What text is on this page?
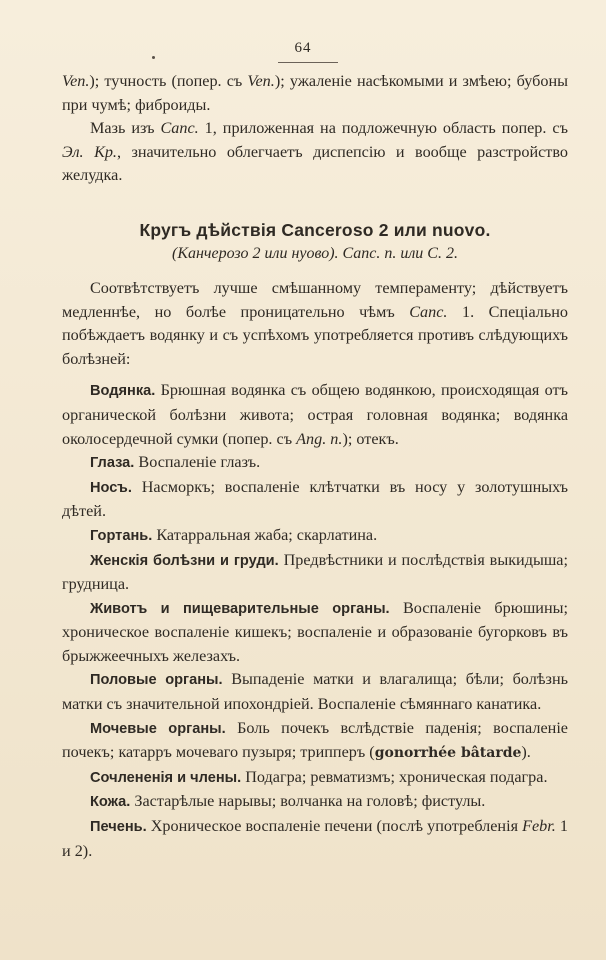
64

Ven.); тучность (попер. съ Ven.); ужаленіе насѣкомыми и змѣею; бубоны при чумѣ; фиброиды.

Мазь изъ Canc. 1, приложенная на подложечную область попер. съ Эл. Кр., значительно облегчаетъ диспепсію и вообще разстройство желудка.

Кругъ дѣйствія Canceroso 2 или nuovo.
(Канчерозо 2 или нуово). Canc. n. или С. 2.

Соотвѣтствуетъ лучше смѣшанному темпераменту; дѣйствуетъ медленнѣе, но болѣе проницательно чѣмъ Canc. 1. Спеціально побѣждаетъ водянку и съ успѣхомъ употребляется противъ слѣдующихъ болѣзней:

Водянка. Брюшная водянка съ общею водянкою, происходящая отъ органической болѣзни живота; острая головная водянка; водянка околосердечной сумки (попер. съ Ang. n.); отекъ.

Глаза. Воспаленіе глазъ.

Носъ. Насморкъ; воспаленіе клѣтчатки въ носу у золотушныхъ дѣтей.

Гортань. Катарральная жаба; скарлатина.

Женскія болѣзни и груди. Предвѣстники и послѣдствія выкидыша; грудница.

Животъ и пищеварительные органы. Воспаленіе брюшины; хроническое воспаленіе кишекъ; воспаленіе и образованіе бугорковъ въ брыжжеечныхъ железахъ.

Половые органы. Выпаденіе матки и влагалища; бѣли; болѣзнь матки съ значительной ипохондріей. Воспаленіе сѣмяннаго канатика.

Мочевые органы. Боль почекъ вслѣдствіе паденія; воспаленіе почекъ; катарръ мочеваго пузыря; трипперъ (gonorrhée bâtarde).

Сочлененія и члены. Подагра; ревматизмъ; хроническая подагра.

Кожа. Застарѣлые нарывы; волчанка на головѣ; фистулы.

Печень. Хроническое воспаленіе печени (послѣ употребленія Febr. 1 и 2).
